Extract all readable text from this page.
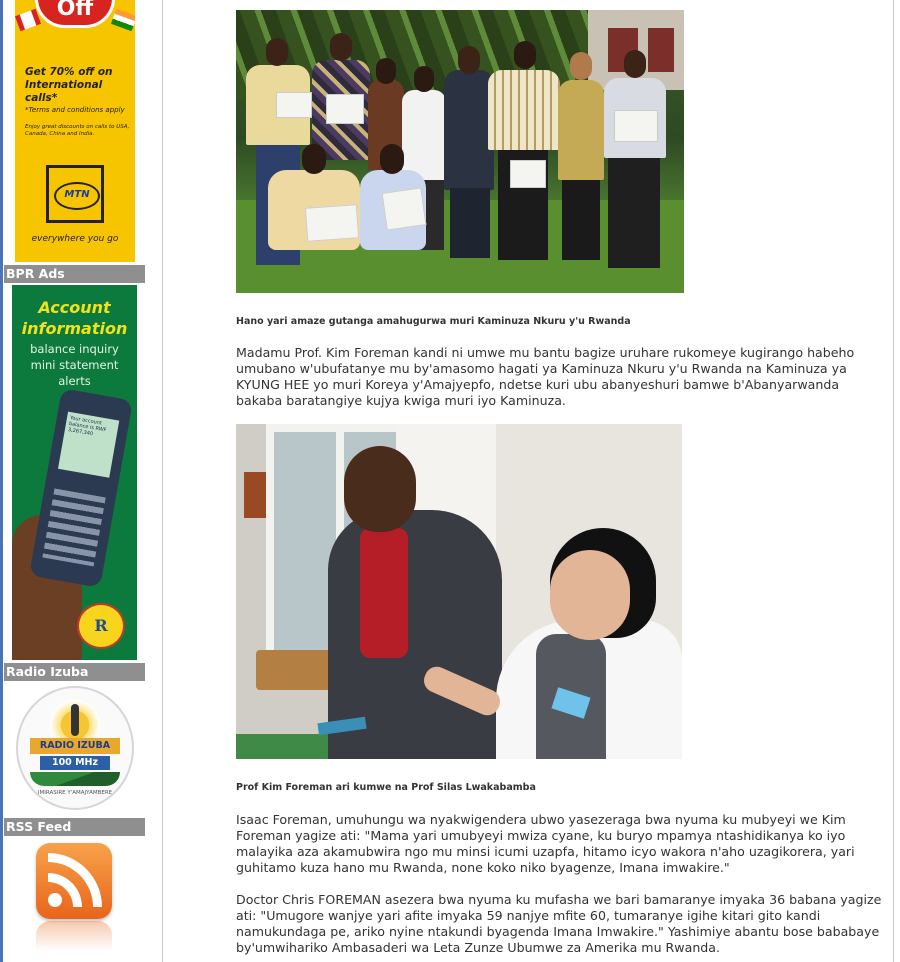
Off
Get 70% off on International calls*
*Terms and conditions apply
Enjoy great discounts on calls to USA, Canada, China and India.
MTN
everywhere you go
BPR Ads
Account
information
balance inquiry
mini statement
alerts
Your account balance is RWF 3,267,340
R
Radio Izuba
RADIO IZUBA
100 MHz
IMIRASIRE Y'AMAJYAMBERE
RSS Feed
Hano yari amaze gutanga amahugurwa muri Kaminuza Nkuru y'u Rwanda

Madamu Prof. Kim Foreman kandi ni umwe mu bantu bagize uruhare rukomeye kugirango habeho umubano w'ubufatanye mu by'amasomo hagati ya Kaminuza Nkuru y'u Rwanda na Kaminuza ya KYUNG HEE yo muri Koreya y'Amajyepfo, ndetse kuri ubu abanyeshuri bamwe b'Abanyarwanda bakaba baratangiye kujya kwiga muri iyo Kaminuza.

Prof Kim Foreman ari kumwe na Prof Silas Lwakabamba

Isaac Foreman, umuhungu wa nyakwigendera ubwo yasezeraga bwa nyuma ku mubyeyi we Kim Foreman yagize ati: "Mama yari umubyeyi mwiza cyane, ku buryo mpamya ntashidikanya ko iyo malayika aza akamubwira ngo mu minsi icumi uzapfa, hitamo icyo wakora n'aho uzagikorera, yari guhitamo kuza hano mu Rwanda, none koko niko byagenze, Imana imwakire."

Doctor Chris FOREMAN asezera bwa nyuma ku mufasha we bari bamaranye imyaka 36 babana yagize ati: "Umugore wanjye yari afite imyaka 59 nanjye mfite 60, tumaranye igihe kitari gito kandi namukundaga pe, ariko nyine ntakundi byagenda Imana Imwakire." Yashimiye abantu bose bababaye by'umwihariko Ambasaderi wa Leta Zunze Ubumwe za Amerika mu Rwanda.
